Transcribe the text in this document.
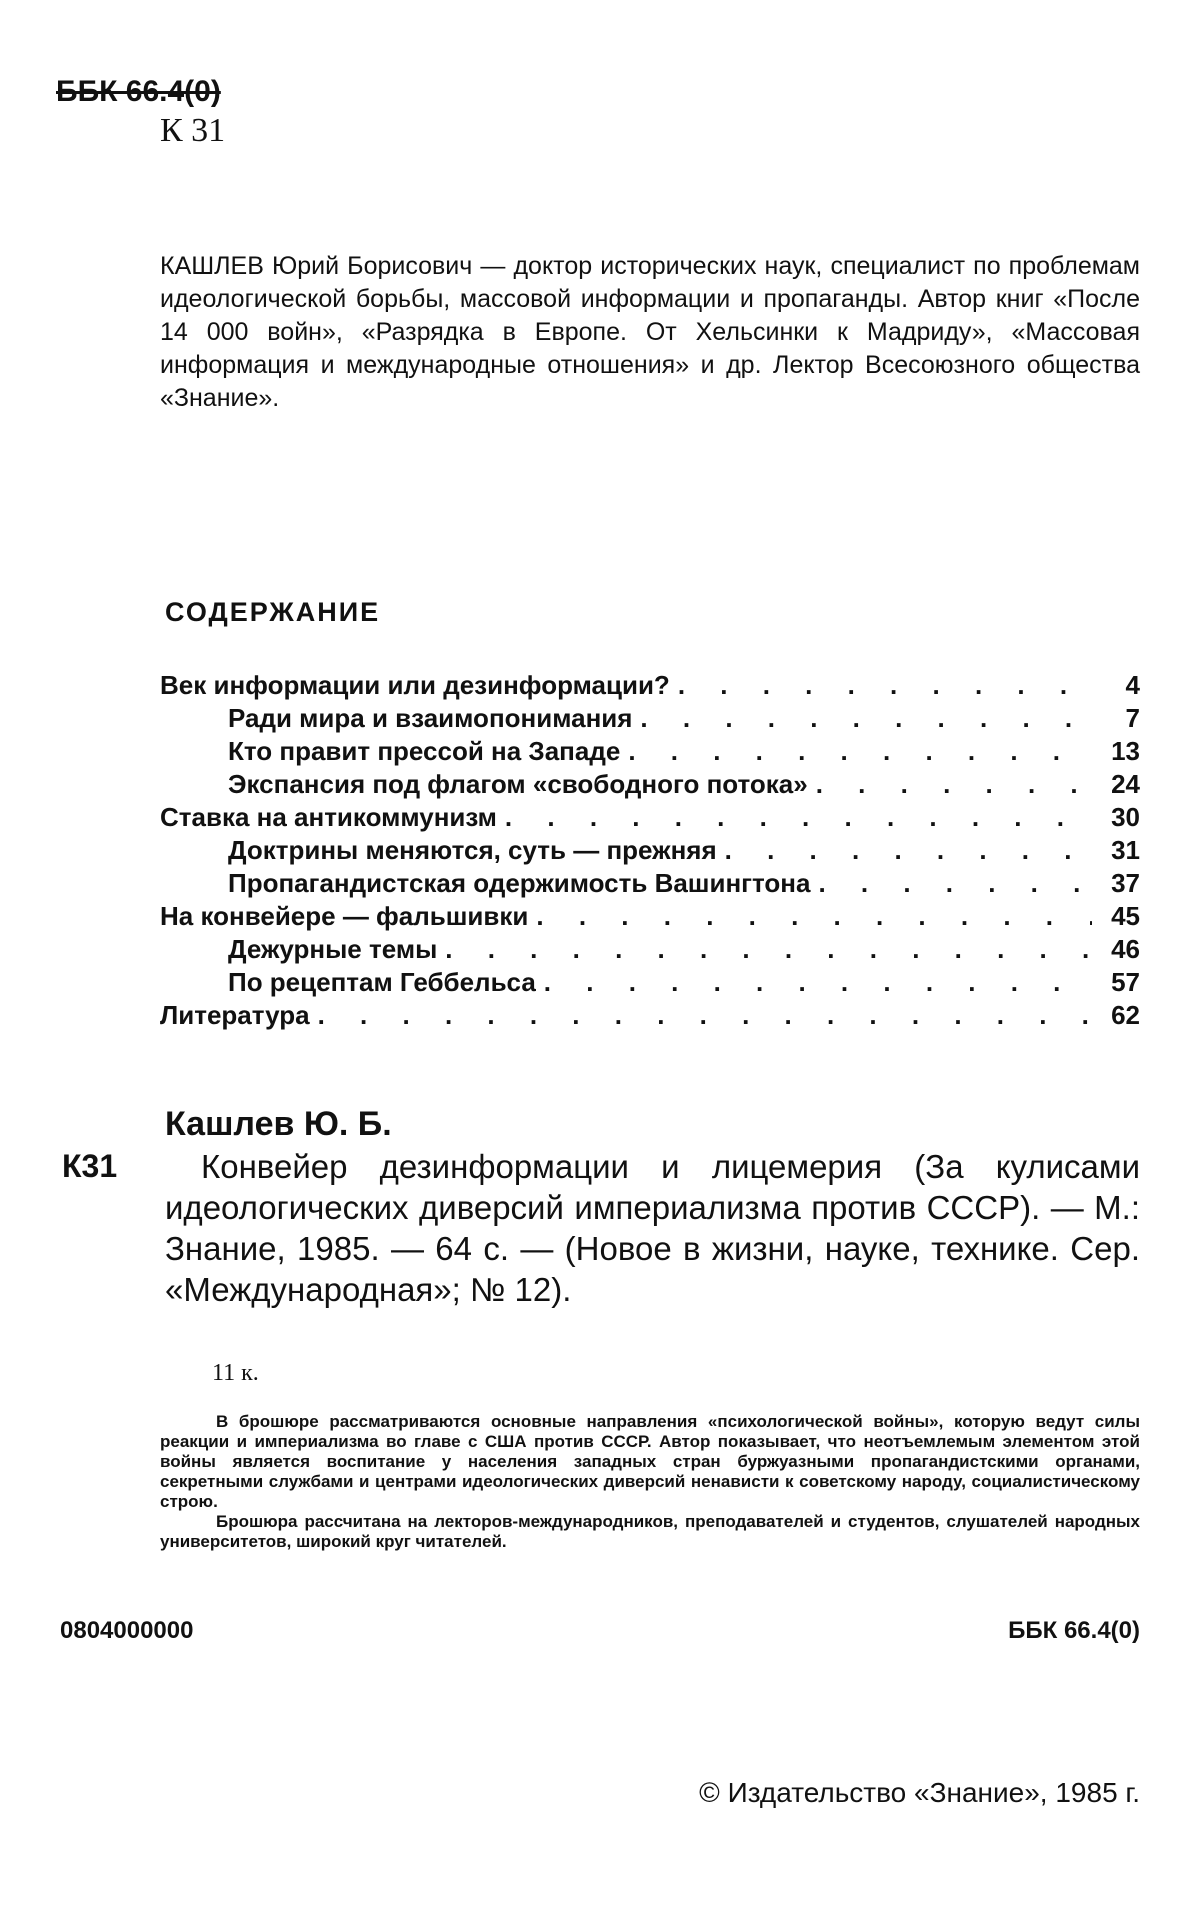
ББК 66.4(0)
К 31
КАШЛЕВ Юрий Борисович — доктор исторических наук, специалист по проблемам идеологической борьбы, массовой информации и пропаганды. Автор книг «После 14 000 войн», «Разрядка в Европе. От Хельсинки к Мадриду», «Массовая информация и международные отношения» и др. Лектор Всесоюзного общества «Знание».
СОДЕРЖАНИЕ
Век информации или дезинформации? . . .	4
Ради мира и взаимопонимания . . .	7
Кто правит прессой на Западе . . .	13
Экспансия под флагом «свободного потока» . . .	24
Ставка на антикоммунизм . . .	30
Доктрины меняются, суть — прежняя . . .	31
Пропагандистская одержимость Вашингтона . . .	37
На конвейере — фальшивки . . .	45
Дежурные темы . . .	46
По рецептам Геббельса . . .	57
Литература . . .	62
Кашлев Ю. Б.
К31	Конвейер дезинформации и лицемерия (За кулисами идеологических диверсий империализма против СССР). — М.: Знание, 1985. — 64 с. — (Новое в жизни, науке, технике. Сер. «Международная»; № 12).
11 к.

В брошюре рассматриваются основные направления «психологической войны», которую ведут силы реакции и империализма во главе с США против СССР. Автор показывает, что неотъемлемым элементом этой войны является воспитание у населения западных стран буржуазными пропагандистскими органами, секретными службами и центрами идеологических диверсий ненависти к советскому народу, социалистическому строю.

Брошюра рассчитана на лекторов-международников, преподавателей и студентов, слушателей народных университетов, широкий круг читателей.

0804000000	ББК 66.4(0)
© Издательство «Знание», 1985 г.
